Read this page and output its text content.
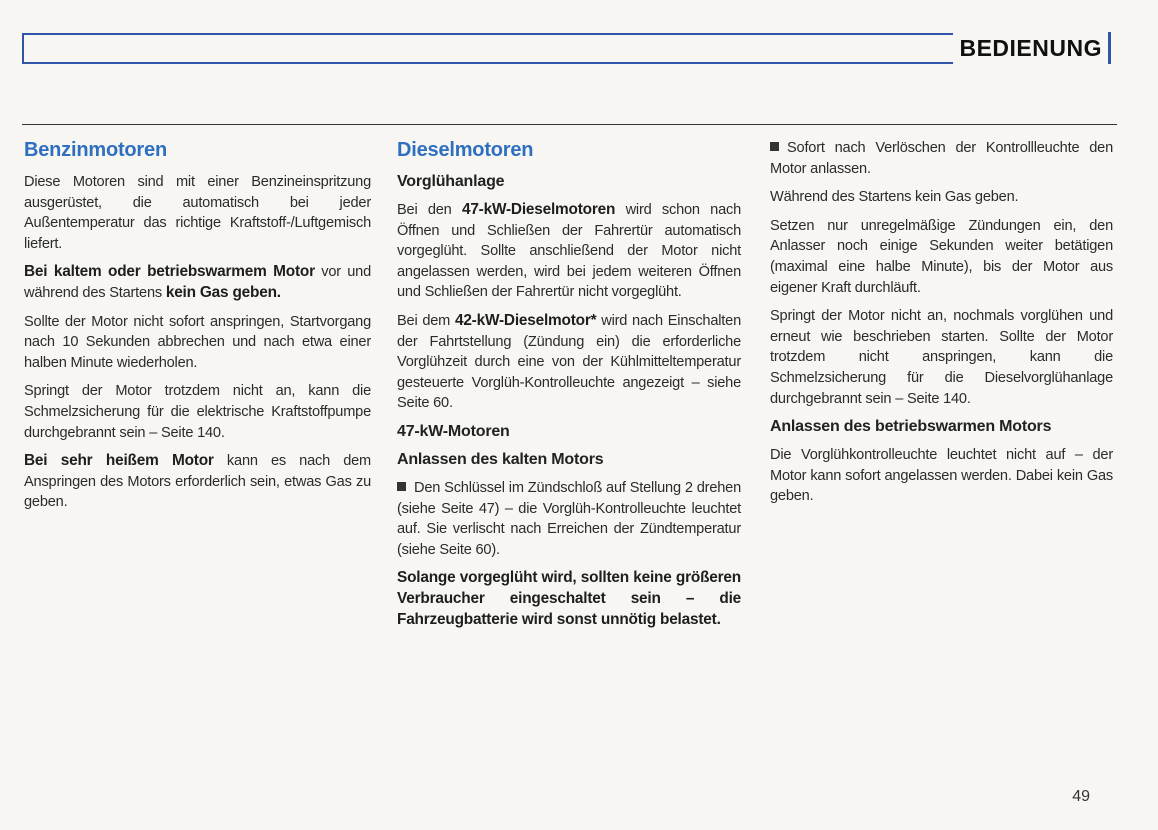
BEDIENUNG
Benzinmotoren

Diese Motoren sind mit einer Benzineinspritzung ausgerüstet, die automatisch bei jeder Außentemperatur das richtige Kraftstoff-/Luftgemisch liefert.

Bei kaltem oder betriebswarmem Motor vor und während des Startens kein Gas geben.

Sollte der Motor nicht sofort anspringen, Startvorgang nach 10 Sekunden abbrechen und nach etwa einer halben Minute wiederholen.

Springt der Motor trotzdem nicht an, kann die Schmelzsicherung für die elektrische Kraftstoffpumpe durchgebrannt sein – Seite 140.

Bei sehr heißem Motor kann es nach dem Anspringen des Motors erforderlich sein, etwas Gas zu geben.

Dieselmotoren
Vorglühanlage

Bei den 47-kW-Dieselmotoren wird schon nach Öffnen und Schließen der Fahrertür automatisch vorgeglüht. Sollte anschließend der Motor nicht angelassen werden, wird bei jedem weiteren Öffnen und Schließen der Fahrertür nicht vorgeglüht.

Bei dem 42-kW-Dieselmotor* wird nach Einschalten der Fahrtstellung (Zündung ein) die erforderliche Vorglühzeit durch eine von der Kühlmitteltemperatur gesteuerte Vorglüh-Kontrolleuchte angezeigt – siehe Seite 60.

47-kW-Motoren
Anlassen des kalten Motors

Den Schlüssel im Zündschloß auf Stellung 2 drehen (siehe Seite 47) – die Vorglüh-Kontrolleuchte leuchtet auf. Sie verlischt nach Erreichen der Zündtemperatur (siehe Seite 60).

Solange vorgeglüht wird, sollten keine größeren Verbraucher eingeschaltet sein – die Fahrzeugbatterie wird sonst unnötig belastet.

Sofort nach Verlöschen der Kontrollleuchte den Motor anlassen.

Während des Startens kein Gas geben.

Setzen nur unregelmäßige Zündungen ein, den Anlasser noch einige Sekunden weiter betätigen (maximal eine halbe Minute), bis der Motor aus eigener Kraft durchläuft.

Springt der Motor nicht an, nochmals vorglühen und erneut wie beschrieben starten. Sollte der Motor trotzdem nicht anspringen, kann die Schmelzsicherung für die Dieselvorglühanlage durchgebrannt sein – Seite 140.

Anlassen des betriebswarmen Motors

Die Vorglühkontrolleuchte leuchtet nicht auf – der Motor kann sofort angelassen werden. Dabei kein Gas geben.

49
